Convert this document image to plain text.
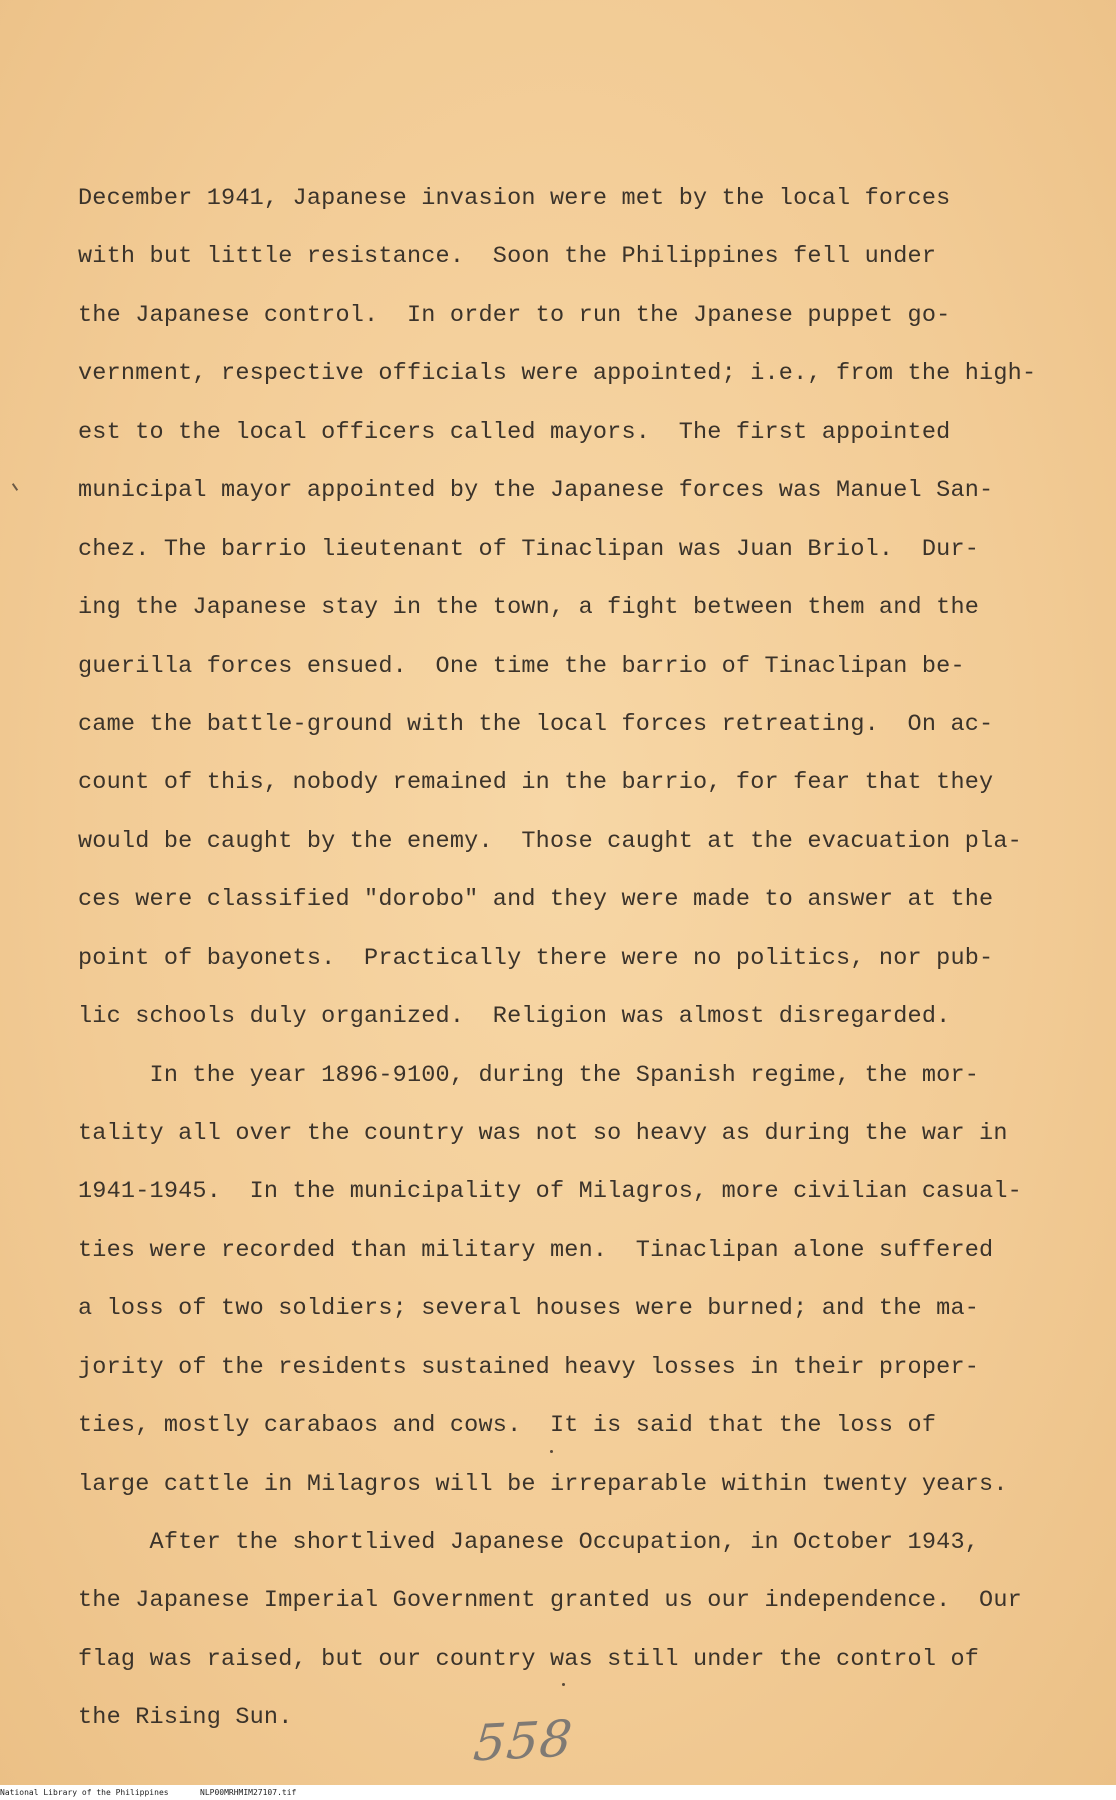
December 1941, Japanese invasion were met by the local forces
with but little resistance.  Soon the Philippines fell under
the Japanese control.  In order to run the Jpanese puppet go-
vernment, respective officials were appointed; i.e., from the high-
est to the local officers called mayors.  The first appointed
municipal mayor appointed by the Japanese forces was Manuel San-
chez. The barrio lieutenant of Tinaclipan was Juan Briol.  Dur-
ing the Japanese stay in the town, a fight between them and the
guerilla forces ensued.  One time the barrio of Tinaclipan be-
came the battle-ground with the local forces retreating.  On ac-
count of this, nobody remained in the barrio, for fear that they
would be caught by the enemy.  Those caught at the evacuation pla-
ces were classified "dorobo" and they were made to answer at the
point of bayonets.  Practically there were no politics, nor pub-
lic schools duly organized.  Religion was almost disregarded.
In the year 1896-9100, during the Spanish regime, the mor-
tality all over the country was not so heavy as during the war in
1941-1945.  In the municipality of Milagros, more civilian casual-
ties were recorded than military men.  Tinaclipan alone suffered
a loss of two soldiers; several houses were burned; and the ma-
jority of the residents sustained heavy losses in their proper-
ties, mostly carabaos and cows.  It is said that the loss of
large cattle in Milagros will be irreparable within twenty years.
After the shortlived Japanese Occupation, in October 1943,
the Japanese Imperial Government granted us our independence.  Our
flag was raised, but our country was still under the control of
the Rising Sun.	558

National Library of the Philippines

	NLP00MRHMIM27107.tif
